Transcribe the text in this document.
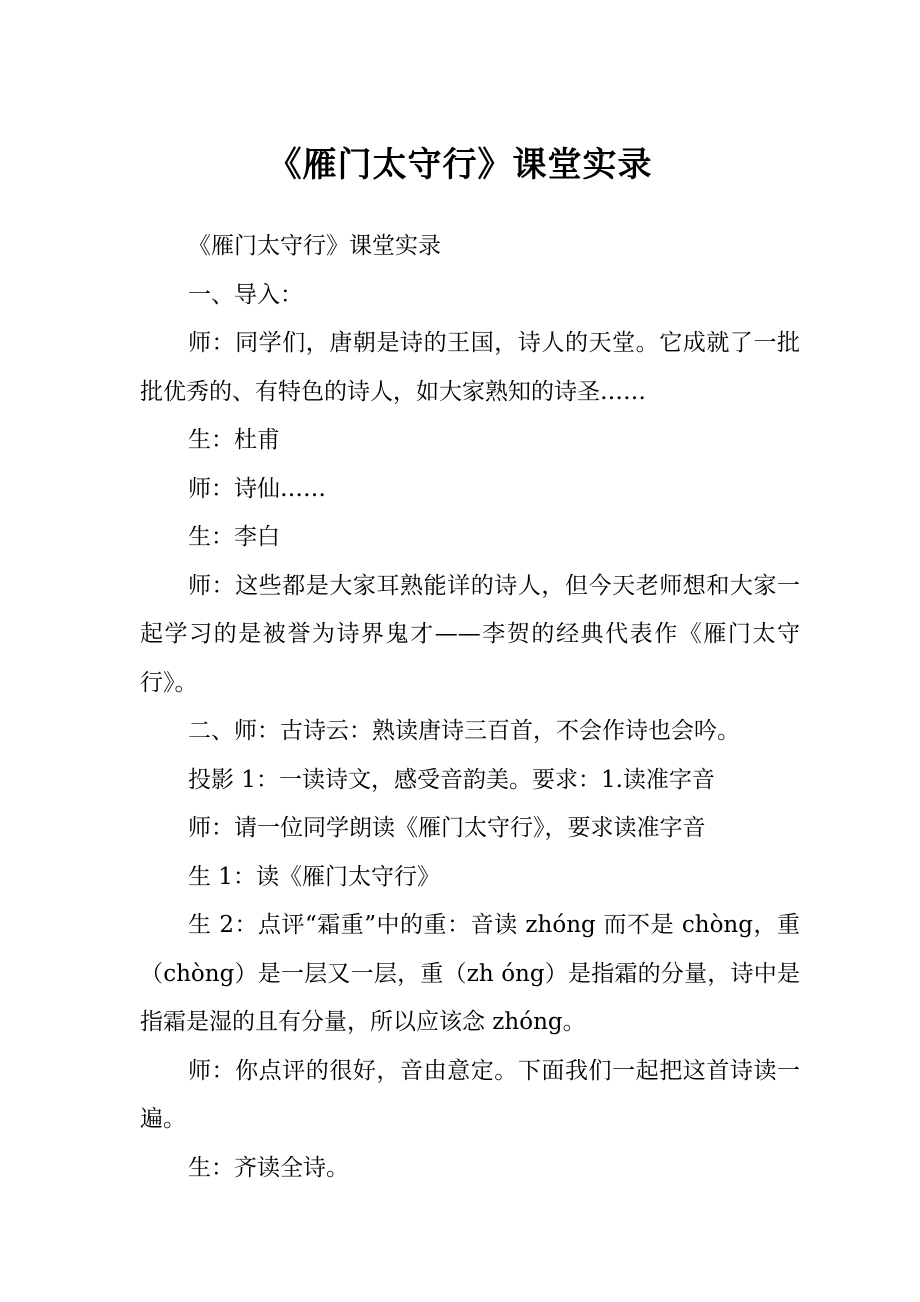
《雁门太守行》课堂实录

《雁门太守行》课堂实录

一、导入：

师：同学们，唐朝是诗的王国，诗人的天堂。它成就了一批批优秀的、有特色的诗人，如大家熟知的诗圣……

生：杜甫

师：诗仙……

生：李白

师：这些都是大家耳熟能详的诗人，但今天老师想和大家一起学习的是被誉为诗界鬼才——李贺的经典代表作《雁门太守行》。

二、师：古诗云：熟读唐诗三百首，不会作诗也会吟。

投影 1：一读诗文，感受音韵美。要求：1.读准字音

师：请一位同学朗读《雁门太守行》，要求读准字音

生 1：读《雁门太守行》

生 2：点评“霜重”中的重：音读 zhóng 而不是 chòng，重（chòng）是一层又一层，重（zh óng）是指霜的分量，诗中是指霜是湿的且有分量，所以应该念 zhóng。

师：你点评的很好，音由意定。下面我们一起把这首诗读一遍。

生：齐读全诗。
